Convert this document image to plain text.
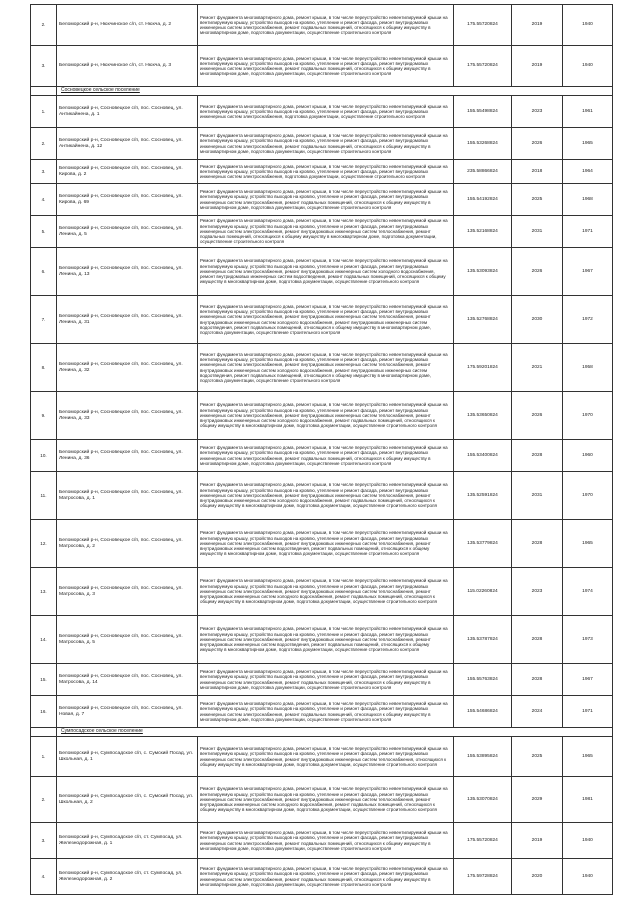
2.	Беломорский р-н, Нюхчинское с/п, ст. Нюхча, д. 2	Ремонт фундамента многоквартирного дома, ремонт крыши, в том числе переустройство невентилируемой крыши на вентилируемую крышу, устройство выходов на кровлю, утепление и ремонт фасада, ремонт внутридомовых инженерных систем электроснабжения, ремонт подвальных помещений, относящихся к общему имуществу в многоквартирном доме, подготовка документации, осуществление строительного контроля	175.55720824	2019	1940
3.	Беломорский р-н, Нюхчинское с/п, ст. Нюхча, д. 3	Ремонт фундамента многоквартирного дома, ремонт крыши, в том числе переустройство невентилируемой крыши на вентилируемую крышу, устройство выходов на кровлю, утепление и ремонт фасада, ремонт внутридомовых инженерных систем электроснабжения, ремонт подвальных помещений, относящихся к общему имуществу в многоквартирном доме, подготовка документации, осуществление строительного контроля	175.55720824	2019	1940
	Сосновецкое сельское поселение				
1.	Беломорский р-н, Сосновецкое с/п, пос. Сосновец, ул. Антикайнена, д. 1	Ремонт фундамента многоквартирного дома, ремонт крыши, в том числе переустройство невентилируемой крыши на вентилируемую крышу, устройство выходов на кровлю, утепление и ремонт фасада, ремонт внутридомовых инженерных систем электроснабжения, подготовка документации, осуществление строительного контроля	155.55498824	2023	1961
2.	Беломорский р-н, Сосновецкое с/п, пос. Сосновец, ул. Антикайнена, д. 12	Ремонт фундамента многоквартирного дома, ремонт крыши, в том числе переустройство невентилируемой крыши на вентилируемую крышу, устройство выходов на кровлю, утепление и ремонт фасада, ремонт внутридомовых инженерных систем электроснабжения, ремонт подвальных помещений, относящихся к общему имуществу в многоквартирном доме, подготовка документации, осуществление строительного контроля	155.53268824	2026	1965
3.	Беломорский р-н, Сосновецкое с/п, пос. Сосновец, ул. Кирова, д. 2	Ремонт фундамента многоквартирного дома, ремонт крыши, в том числе переустройство невентилируемой крыши на вентилируемую крышу, устройство выходов на кровлю, утепление и ремонт фасада, ремонт внутридомовых инженерных систем электроснабжения, подготовка документации, осуществление строительного контроля	235.58866824	2018	1964
4.	Беломорский р-н, Сосновецкое с/п, пос. Сосновец, ул. Кирова, д. 69	Ремонт фундамента многоквартирного дома, ремонт крыши, в том числе переустройство невентилируемой крыши на вентилируемую крышу, устройство выходов на кровлю, утепление и ремонт фасада, ремонт внутридомовых инженерных систем электроснабжения, ремонт подвальных помещений, относящихся к общему имуществу в многоквартирном доме, подготовка документации, осуществление строительного контроля	155.54192824	2025	1968
5.	Беломорский р-н, Сосновецкое с/п, пос. Сосновец, ул. Ленина, д. 5	Ремонт фундамента многоквартирного дома, ремонт крыши, в том числе переустройство невентилируемой крыши на вентилируемую крышу, устройство выходов на кровлю, утепление и ремонт фасада, ремонт внутридомовых инженерных систем электроснабжения, ремонт внутридомовых инженерных систем теплоснабжения, ремонт подвальных помещений, относящихся к общему имуществу в многоквартирном доме, подготовка документации, осуществление строительного контроля	135.52168824	2031	1971
6.	Беломорский р-н, Сосновецкое с/п, пос. Сосновец, ул. Ленина, д. 13	Ремонт фундамента многоквартирного дома, ремонт крыши, в том числе переустройство невентилируемой крыши на вентилируемую крышу, устройство выходов на кровлю, утепление и ремонт фасада, ремонт внутридомовых инженерных систем электроснабжения, ремонт внутридомовых инженерных систем холодного водоснабжения, ремонт внутридомовых инженерных систем водоотведения, ремонт подвальных помещений, относящихся к общему имуществу в многоквартирном доме, подготовка документации, осуществление строительного контроля	135.53093824	2026	1967
7.	Беломорский р-н, Сосновецкое с/п, пос. Сосновец, ул. Ленина, д. 31	Ремонт фундамента многоквартирного дома, ремонт крыши, в том числе переустройство невентилируемой крыши на вентилируемую крышу, устройство выходов на кровлю, утепление и ремонт фасада, ремонт внутридомовых инженерных систем электроснабжения, ремонт внутридомовых инженерных систем теплоснабжения, ремонт внутридомовых инженерных систем холодного водоснабжения, ремонт внутридомовых инженерных систем водоотведения, ремонт подвальных помещений, относящихся к общему имуществу в многоквартирном доме, подготовка документации, осуществление строительного контроля	135.52768824	2030	1972
8.	Беломорский р-н, Сосновецкое с/п, пос. Сосновец, ул. Ленина, д. 32	Ремонт фундамента многоквартирного дома, ремонт крыши, в том числе переустройство невентилируемой крыши на вентилируемую крышу, устройство выходов на кровлю, утепление и ремонт фасада, ремонт внутридомовых инженерных систем электроснабжения, ремонт внутридомовых инженерных систем теплоснабжения, ремонт внутридомовых инженерных систем холодного водоснабжения, ремонт внутридомовых инженерных систем водоотведения, ремонт подвальных помещений, относящихся к общему имуществу в многоквартирном доме, подготовка документации, осуществление строительного контроля	175.59201824	2021	1958
9.	Беломорский р-н, Сосновецкое с/п, пос. Сосновец, ул. Ленина, д. 33	Ремонт фундамента многоквартирного дома, ремонт крыши, в том числе переустройство невентилируемой крыши на вентилируемую крышу, устройство выходов на кровлю, утепление и ремонт фасада, ремонт внутридомовых инженерных систем электроснабжения, ремонт внутридомовых инженерных систем теплоснабжения, ремонт внутридомовых инженерных систем холодного водоснабжения, ремонт подвальных помещений, относящихся к общему имуществу в многоквартирном доме, подготовка документации, осуществление строительного контроля	135.53650824	2026	1970
10.	Беломорский р-н, Сосновецкое с/п, пос. Сосновец, ул. Ленина, д. 36	Ремонт фундамента многоквартирного дома, ремонт крыши, в том числе переустройство невентилируемой крыши на вентилируемую крышу, устройство выходов на кровлю, утепление и ремонт фасада, ремонт внутридомовых инженерных систем электроснабжения, ремонт подвальных помещений, относящихся к общему имуществу в многоквартирном доме, подготовка документации, осуществление строительного контроля	155.53400824	2028	1960
11.	Беломорский р-н, Сосновецкое с/п, пос. Сосновец, ул. Матросова, д. 1	Ремонт фундамента многоквартирного дома, ремонт крыши, в том числе переустройство невентилируемой крыши на вентилируемую крышу, устройство выходов на кровлю, утепление и ремонт фасада, ремонт внутридомовых инженерных систем электроснабжения, ремонт внутридомовых инженерных систем теплоснабжения, ремонт внутридомовых инженерных систем холодного водоснабжения, ремонт подвальных помещений, относящихся к общему имуществу в многоквартирном доме, подготовка документации, осуществление строительного контроля	135.52591824	2031	1970
12.	Беломорский р-н, Сосновецкое с/п, пос. Сосновец, ул. Матросова, д. 2	Ремонт фундамента многоквартирного дома, ремонт крыши, в том числе переустройство невентилируемой крыши на вентилируемую крышу, устройство выходов на кровлю, утепление и ремонт фасада, ремонт внутридомовых инженерных систем электроснабжения, ремонт внутридомовых инженерных систем теплоснабжения, ремонт внутридомовых инженерных систем водоотведения, ремонт подвальных помещений, относящихся к общему имуществу в многоквартирном доме, подготовка документации, осуществление строительного контроля	135.53779824	2028	1965
13.	Беломорский р-н, Сосновецкое с/п, пос. Сосновец, ул. Матросова, д. 3	Ремонт фундамента многоквартирного дома, ремонт крыши, в том числе переустройство невентилируемой крыши на вентилируемую крышу, устройство выходов на кровлю, утепление и ремонт фасада, ремонт внутридомовых инженерных систем электроснабжения, ремонт внутридомовых инженерных систем теплоснабжения, ремонт внутридомовых инженерных систем холодного водоснабжения, ремонт подвальных помещений, относящихся к общему имуществу в многоквартирном доме, подготовка документации, осуществление строительного контроля	115.02260824	2023	1974
14.	Беломорский р-н, Сосновецкое с/п, пос. Сосновец, ул. Матросова, д. 5	Ремонт фундамента многоквартирного дома, ремонт крыши, в том числе переустройство невентилируемой крыши на вентилируемую крышу, устройство выходов на кровлю, утепление и ремонт фасада, ремонт внутридомовых инженерных систем электроснабжения, ремонт внутридомовых инженерных систем теплоснабжения, ремонт внутридомовых инженерных систем водоотведения, ремонт подвальных помещений, относящихся к общему имуществу в многоквартирном доме, подготовка документации, осуществление строительного контроля	135.53787824	2028	1973
15.	Беломорский р-н, Сосновецкое с/п, пос. Сосновец, ул. Матросова, д. 14	Ремонт фундамента многоквартирного дома, ремонт крыши, в том числе переустройство невентилируемой крыши на вентилируемую крышу, устройство выходов на кровлю, утепление и ремонт фасада, ремонт внутридомовых инженерных систем электроснабжения, ремонт подвальных помещений, относящихся к общему имуществу в многоквартирном доме, подготовка документации, осуществление строительного контроля	155.55763824	2028	1967
16.	Беломорский р-н, Сосновецкое с/п, пос. Сосновец, ул. Новая, д. 7	Ремонт фундамента многоквартирного дома, ремонт крыши, в том числе переустройство невентилируемой крыши на вентилируемую крышу, устройство выходов на кровлю, утепление и ремонт фасада, ремонт внутридомовых инженерных систем электроснабжения, ремонт подвальных помещений, относящихся к общему имуществу в многоквартирном доме, подготовка документации, осуществление строительного контроля	155.54686824	2024	1971
	Сумпосадское сельское поселение				
1.	Беломорский р-н, Сумпосадское с/п, с. Сумский Посад, ул. Школьная, д. 1	Ремонт фундамента многоквартирного дома, ремонт крыши, в том числе переустройство невентилируемой крыши на вентилируемую крышу, устройство выходов на кровлю, утепление и ремонт фасада, ремонт внутридомовых инженерных систем электроснабжения, ремонт внутридомовых инженерных систем теплоснабжения, относящихся к общему имуществу в многоквартирном доме, подготовка документации, осуществление строительного контроля	155.53895824	2025	1965
2.	Беломорский р-н, Сумпосадское с/п, с. Сумский Посад, ул. Школьная, д. 2	Ремонт фундамента многоквартирного дома, ремонт крыши, в том числе переустройство невентилируемой крыши на вентилируемую крышу, устройство выходов на кровлю, утепление и ремонт фасада, ремонт внутридомовых инженерных систем электроснабжения, ремонт внутридомовых инженерных систем теплоснабжения, ремонт внутридомовых инженерных систем холодного водоснабжения, ремонт подвальных помещений, относящихся к общему имуществу в многоквартирном доме, подготовка документации, осуществление строительного контроля	135.53070824	2029	1981
3.	Беломорский р-н, Сумпосадское с/п, ст. Сумпосад, ул. Железнодорожная, д. 1	Ремонт фундамента многоквартирного дома, ремонт крыши, в том числе переустройство невентилируемой крыши на вентилируемую крышу, устройство выходов на кровлю, утепление и ремонт фасада, ремонт внутридомовых инженерных систем электроснабжения, ремонт подвальных помещений, относящихся к общему имуществу в многоквартирном доме, подготовка документации, осуществление строительного контроля	175.55720824	2019	1940
4.	Беломорский р-н, Сумпосадское с/п, ст. Сумпосад, ул. Железнодорожная, д. 2	Ремонт фундамента многоквартирного дома, ремонт крыши, в том числе переустройство невентилируемой крыши на вентилируемую крышу, устройство выходов на кровлю, утепление и ремонт фасада, ремонт внутридомовых инженерных систем электроснабжения, ремонт подвальных помещений, относящихся к общему имуществу в многоквартирном доме, подготовка документации, осуществление строительного контроля	175.59728824	2020	1940
